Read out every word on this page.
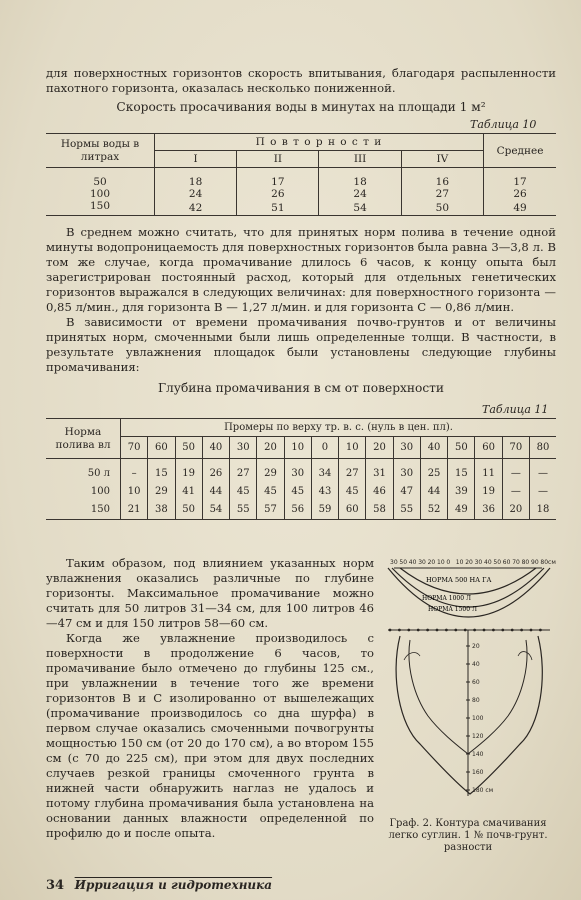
для поверхностных горизонтов скорость впитывания, благодаря распыленности пахотного горизонта, оказалась несколько пониженной.

Скорость просачивания воды в минутах на площади 1 м²

Таблица 10
Нормы воды в литрах	П о в т о р н о с т и				Среднее
	I	II	III	IV	
50	18	17	18	16	17
100	24	26	24	27	26
150	42	51	54	50	49

В среднем можно считать, что для принятых норм полива в течение одной минуты водопроницаемость для поверхностных горизонтов была равна 3—3,8 л. В том же случае, когда промачивание длилось 6 часов, к концу опыта был зарегистрирован постоянный расход, который для отдельных генетических горизонтов выражался в следующих величинах: для поверхностного горизонта — 0,85 л/мин., для горизонта В — 1,27 л/мин. и для горизонта С — 0,86 л/мин.

В зависимости от времени промачивания почво-грунтов и от величины принятых норм, смоченными были лишь определенные толщи. В частности, в результате увлажнения площадок были установлены следующие глубины промачивания:

Глубина промачивания в см от поверхности

Таблица 11
Норма полива вл	Промеры по верху тр. в. с. (нуль в цен. пл).															
	70	60	50	40	30	20	10	0	10	20	30	40	50	60	70	80
50 л	–	15	19	26	27	29	30	34	27	31	30	25	15	11	—	—
100	10	29	41	44	45	45	45	43	45	46	47	44	39	19	—	—
150	21	38	50	54	55	57	56	59	60	58	55	52	49	36	20	18

Таким образом, под влиянием указанных норм увлажнения оказались различные по глубине горизонты. Максимальное промачивание можно считать для 50 литров 31—34 см, для 100 литров 46—47 см и для 150 литров 58—60 см.

Когда же увлажнение производилось с поверхности в продолжение 6 часов, то промачивание было отмечено до глубины 125 см., при увлажнении в течение того же времени горизонтов В и С изолированно от вышележащих (промачивание производилось со дна шурфа) в первом случае оказались смоченными почвогрунты мощностью 150 см (от 20 до 170 см), а во втором 155 см (с 70 до 225 см), при этом для двух последних случаев резкой границы смоченного грунта в нижней части обнаружить наглаз не удалось и потому глубина промачивания была установлена на основании данных влажности определенной по профилю до и после опыта.

30 50 40 30 20 10 0 10 20 30 40 50 60 70 80 90 80см
НОРМА 500 НА ГА
НОРМА 1000 Л
НОРМА 1500 Л
20
40
60
80
100
120
140
160
180 см
Граф. 2. Контура смачивания легко суглин. 1 № почв-грунт. разности
34 Ирригация и гидротехника
